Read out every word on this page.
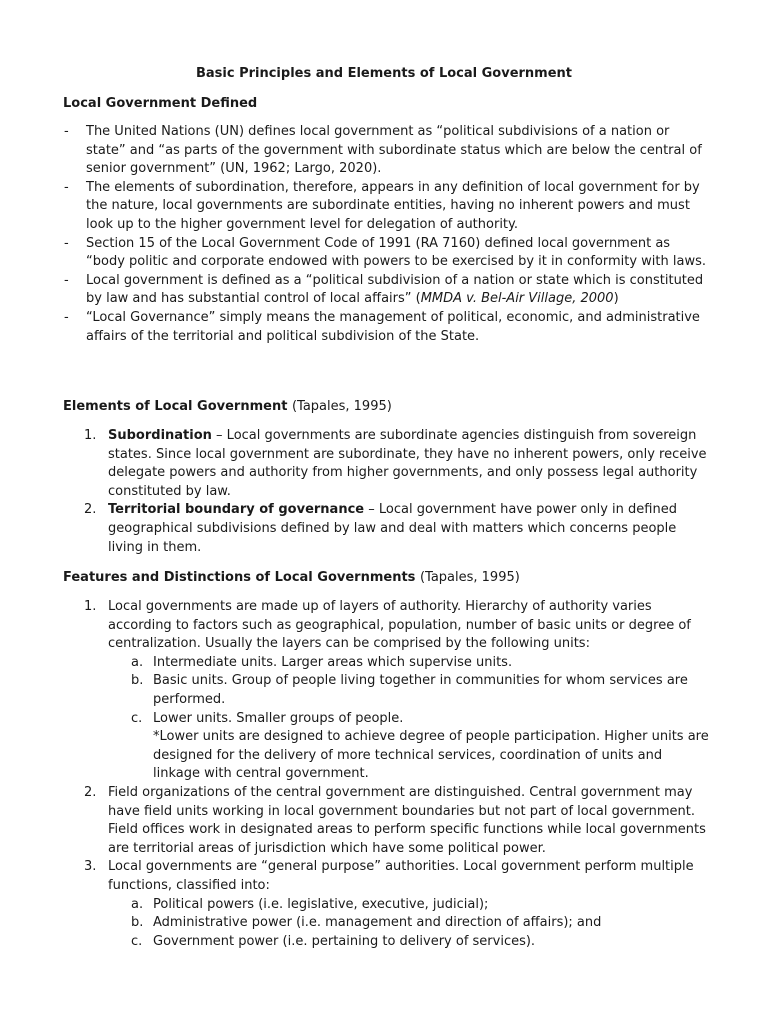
Basic Principles and Elements of Local Government
Local Government Defined
- The United Nations (UN) defines local government as “political subdivisions of a nation or state” and “as parts of the government with subordinate status which are below the central of senior government” (UN, 1962; Largo, 2020).
- The elements of subordination, therefore, appears in any definition of local government for by the nature, local governments are subordinate entities, having no inherent powers and must look up to the higher government level for delegation of authority.
- Section 15 of the Local Government Code of 1991 (RA 7160) defined local government as “body politic and corporate endowed with powers to be exercised by it in conformity with laws.
- Local government is defined as a “political subdivision of a nation or state which is constituted by law and has substantial control of local affairs” (MMDA v. Bel-Air Village, 2000)
- “Local Governance” simply means the management of political, economic, and administrative affairs of the territorial and political subdivision of the State.
Elements of Local Government (Tapales, 1995)
1. Subordination – Local governments are subordinate agencies distinguish from sovereign states. Since local government are subordinate, they have no inherent powers, only receive delegate powers and authority from higher governments, and only possess legal authority constituted by law.
2. Territorial boundary of governance – Local government have power only in defined geographical subdivisions defined by law and deal with matters which concerns people living in them.
Features and Distinctions of Local Governments (Tapales, 1995)
1. Local governments are made up of layers of authority. Hierarchy of authority varies according to factors such as geographical, population, number of basic units or degree of centralization. Usually the layers can be comprised by the following units:
a. Intermediate units. Larger areas which supervise units.
b. Basic units. Group of people living together in communities for whom services are performed.
c. Lower units. Smaller groups of people.
*Lower units are designed to achieve degree of people participation. Higher units are designed for the delivery of more technical services, coordination of units and linkage with central government.
2. Field organizations of the central government are distinguished. Central government may have field units working in local government boundaries but not part of local government. Field offices work in designated areas to perform specific functions while local governments are territorial areas of jurisdiction which have some political power.
3. Local governments are “general purpose” authorities. Local government perform multiple functions, classified into:
a. Political powers (i.e. legislative, executive, judicial);
b. Administrative power (i.e. management and direction of affairs); and
c. Government power (i.e. pertaining to delivery of services).
